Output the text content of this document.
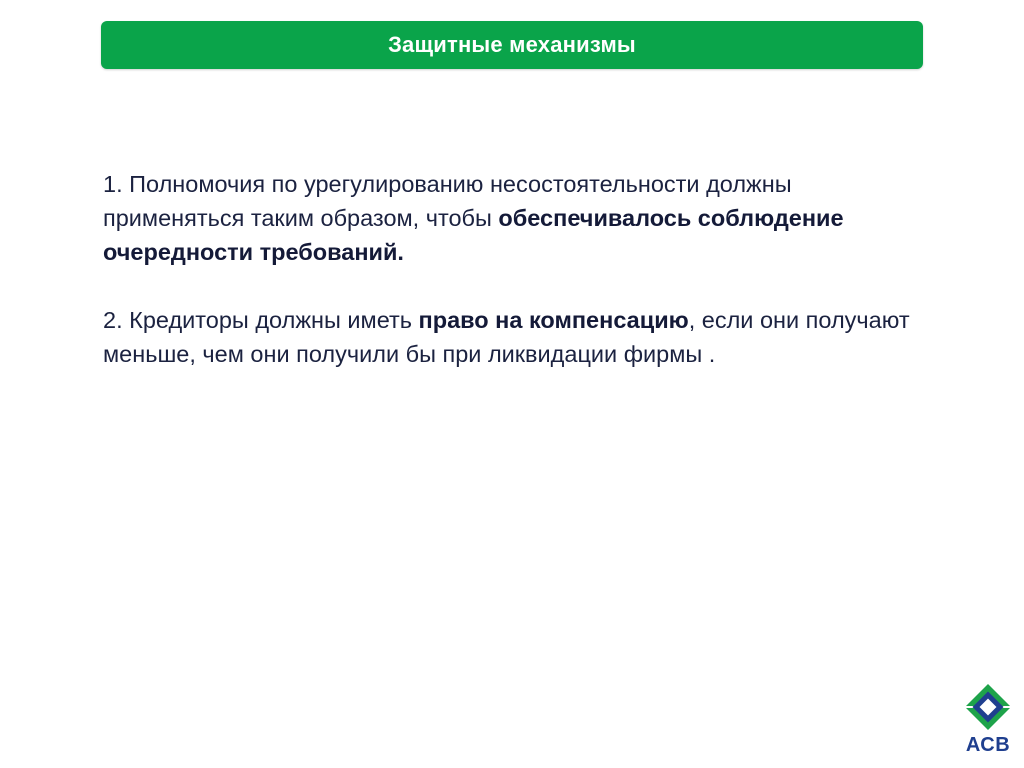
Защитные механизмы

1. Полномочия по урегулированию несостоятельности должны применяться таким образом, чтобы обеспечивалось соблюдение очередности требований.

2. Кредиторы должны иметь право на компенсацию, если они получают меньше, чем они получили бы при ликвидации фирмы .

АСВ
